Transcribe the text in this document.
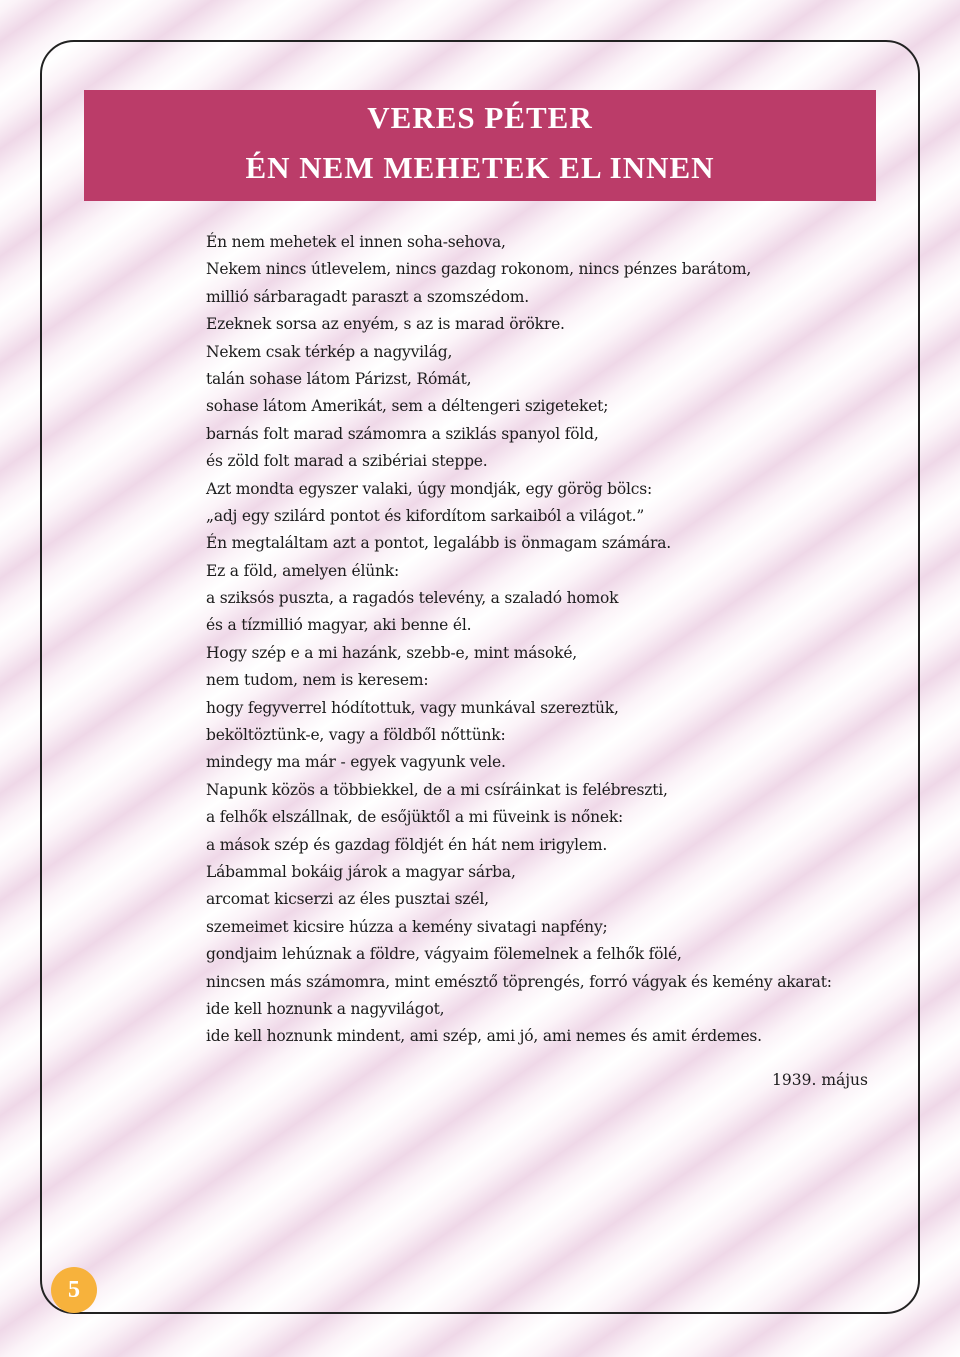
VERES PÉTER
ÉN NEM MEHETEK EL INNEN
Én nem mehetek el innen soha-sehova,
Nekem nincs útlevelem, nincs gazdag rokonom, nincs pénzes barátom,
millió sárbaragadt paraszt a szomszédom.
Ezeknek sorsa az enyém, s az is marad örökre.
Nekem csak térkép a nagyvilág,
talán sohase látom Párizst, Rómát,
sohase látom Amerikát, sem a déltengeri szigeteket;
barnás folt marad számomra a sziklás spanyol föld,
és zöld folt marad a szibériai steppe.
Azt mondta egyszer valaki, úgy mondják, egy görög bölcs:
„adj egy szilárd pontot és kifordítom sarkaiból a világot.”
Én megtaláltam azt a pontot, legalább is önmagam számára.
Ez a föld, amelyen élünk:
a sziksós puszta, a ragadós televény, a szaladó homok
és a tízmillió magyar, aki benne él.
Hogy szép e a mi hazánk, szebb-e, mint másoké,
nem tudom, nem is keresem:
hogy fegyverrel hódítottuk, vagy munkával szereztük,
beköltöztünk-e, vagy a földből nőttünk:
mindegy ma már - egyek vagyunk vele.
Napunk közös a többiekkel, de a mi csíráinkat is felébreszti,
a felhők elszállnak, de esőjüktől a mi füveink is nőnek:
a mások szép és gazdag földjét én hát nem irigylem.
Lábammal bokáig járok a magyar sárba,
arcomat kicserzi az éles pusztai szél,
szemeimet kicsire húzza a kemény sivatagi napfény;
gondjaim lehúznak a földre, vágyaim fölemelnek a felhők fölé,
nincsen más számomra, mint emésztő töprengés, forró vágyak és kemény akarat:
ide kell hoznunk a nagyvilágot,
ide kell hoznunk mindent, ami szép, ami jó, ami nemes és amit érdemes.
1939. május
5
